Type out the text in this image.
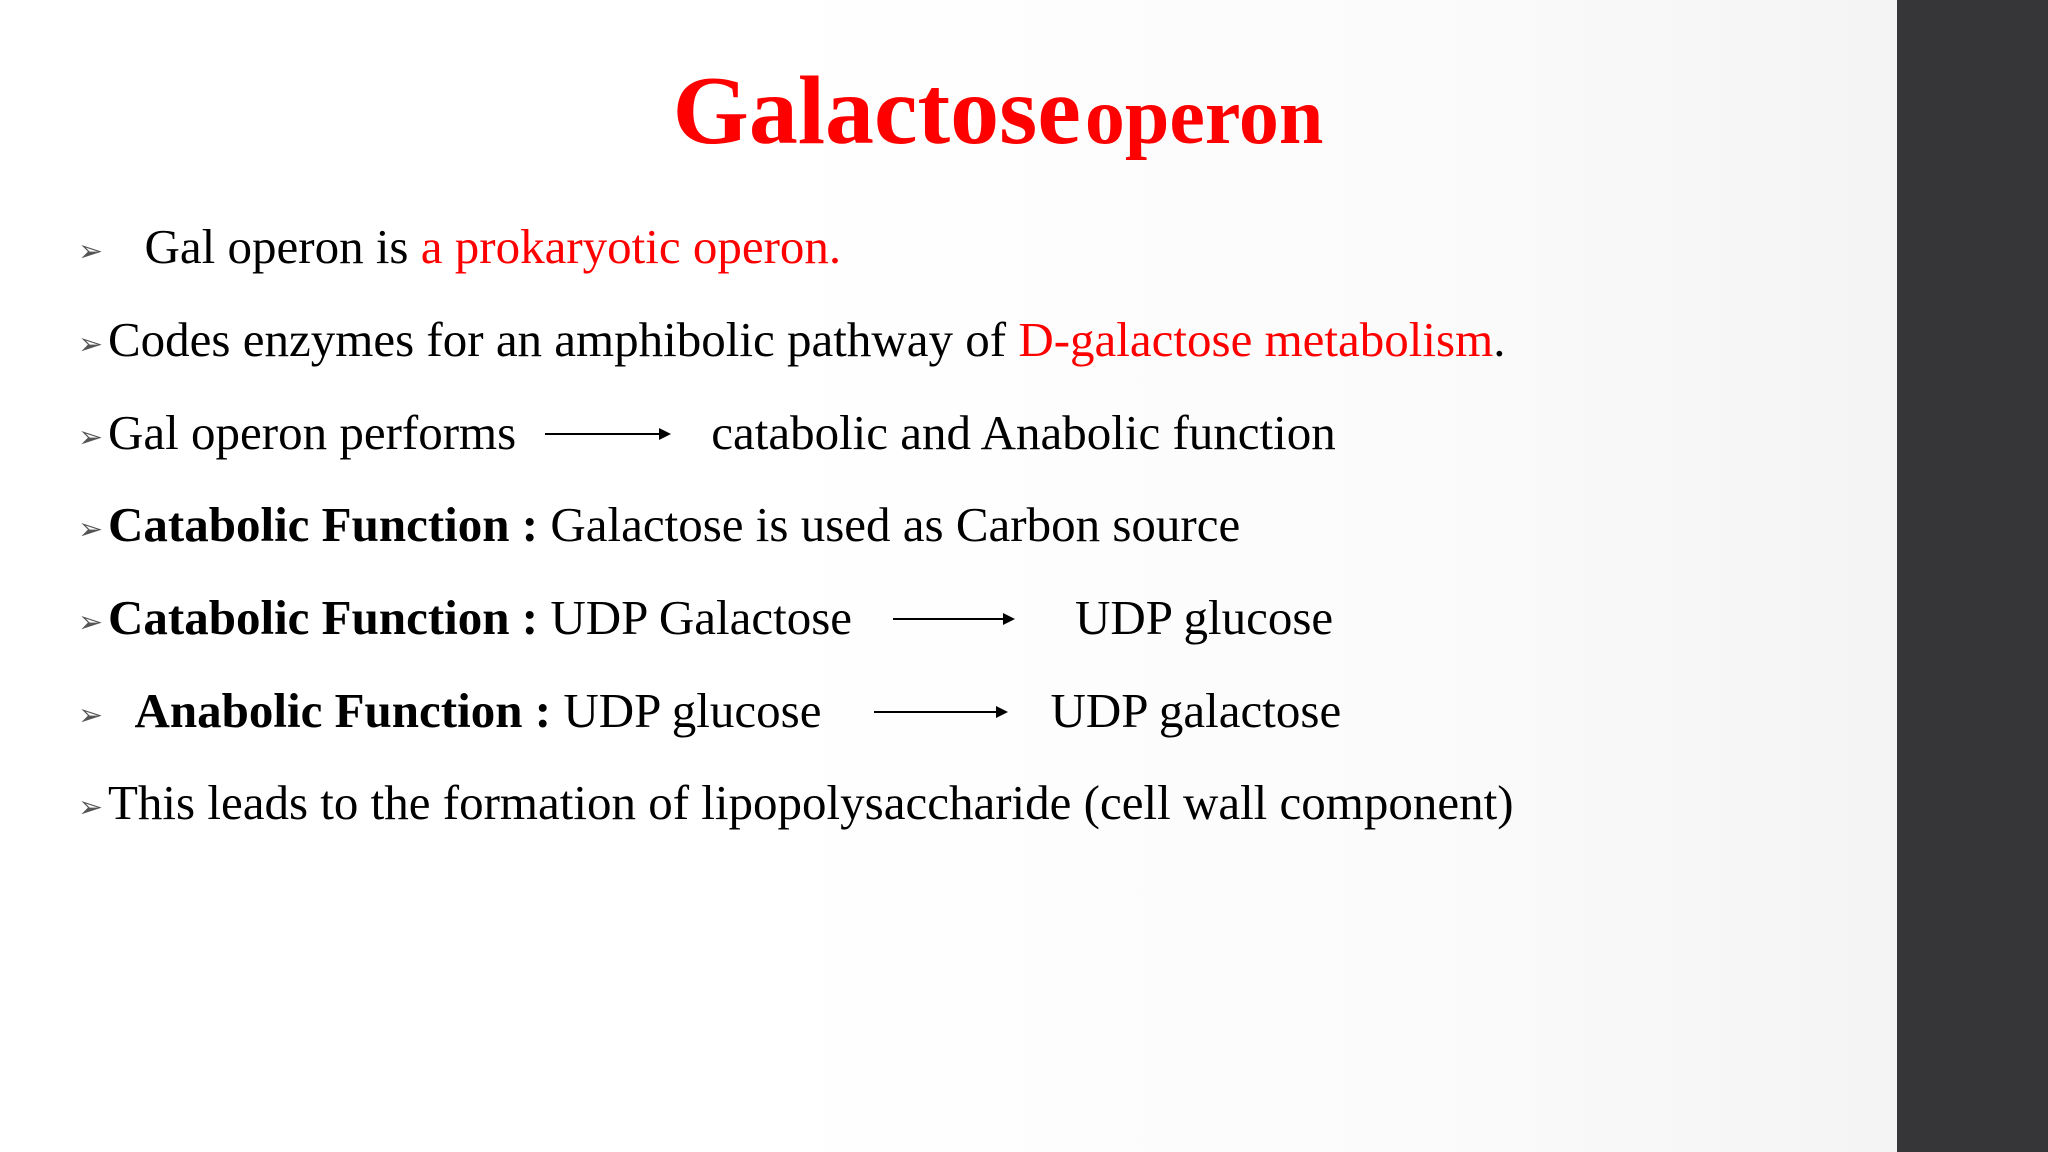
Galactose operon
➢ Gal operon is a prokaryotic operon.
➢Codes enzymes for an amphibolic pathway of D-galactose metabolism.
➢Gal operon performs	catabolic and Anabolic function
➢Catabolic Function : Galactose is used as Carbon source
➢Catabolic Function : UDP Galactose	UDP glucose
➢ Anabolic Function : UDP glucose	UDP galactose
➢This leads to the formation of lipopolysaccharide (cell wall component)
